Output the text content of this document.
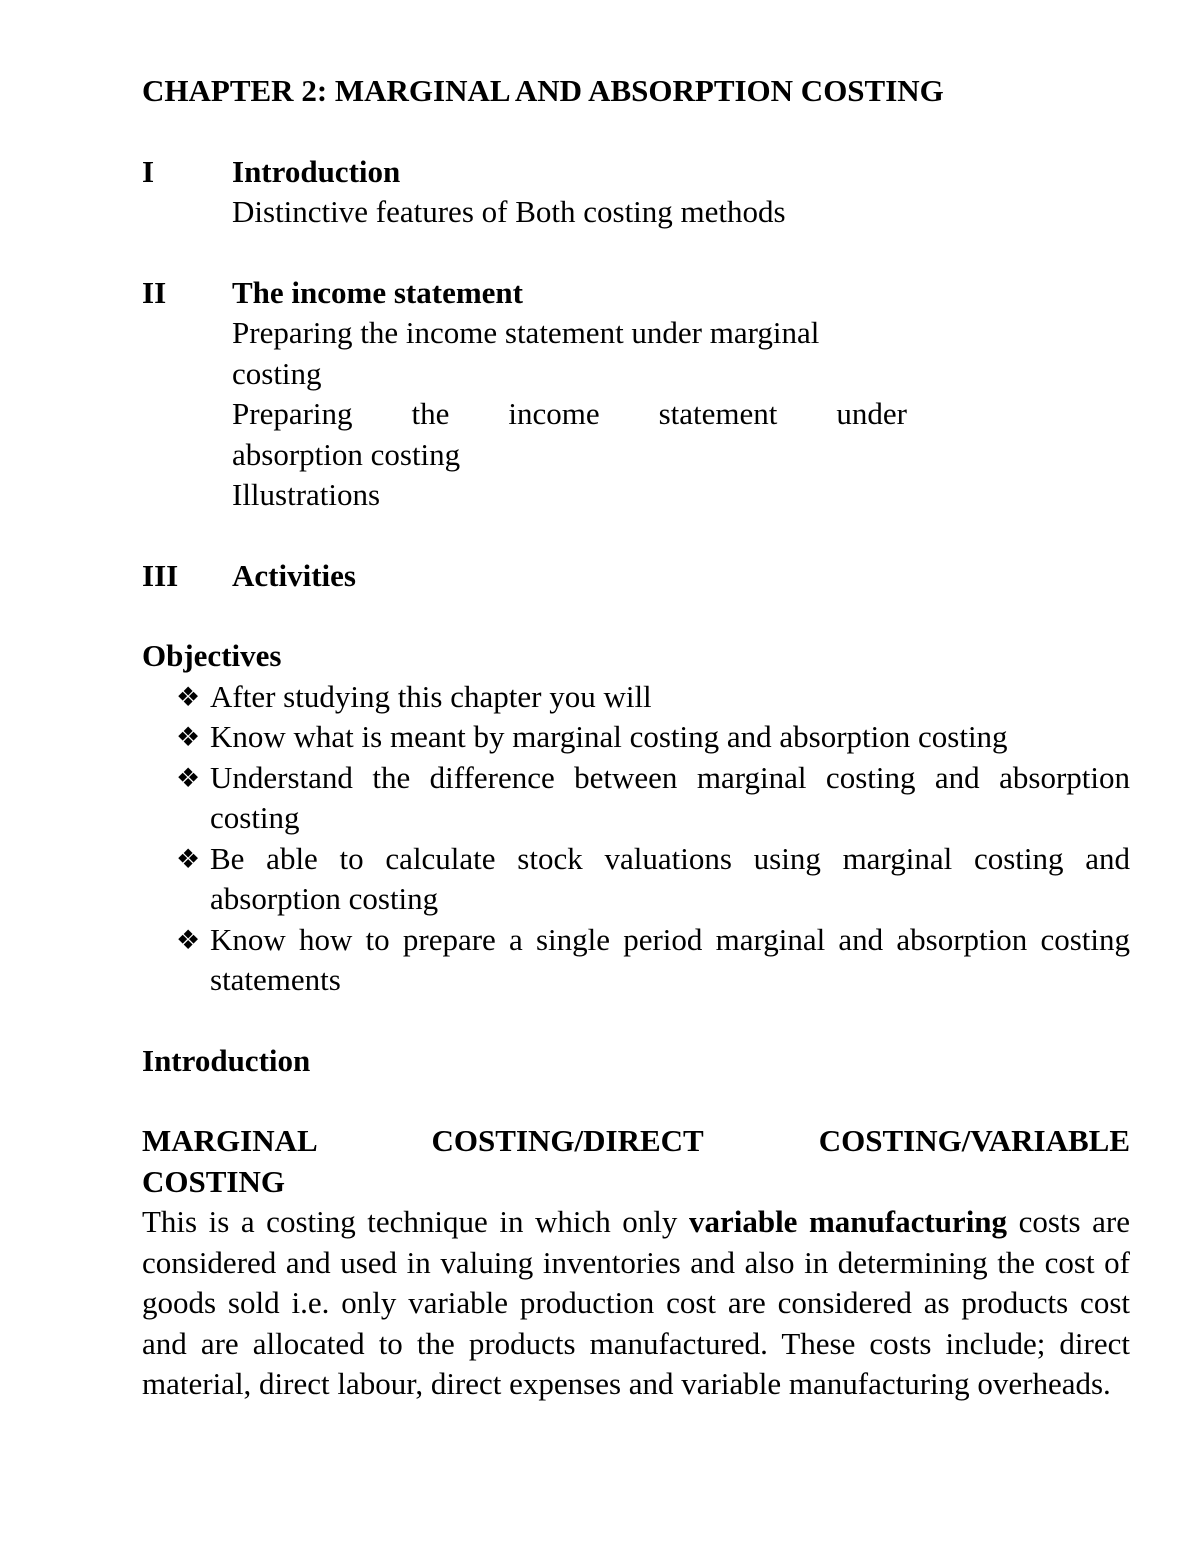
CHAPTER 2: MARGINAL AND ABSORPTION COSTING
I	Introduction
Distinctive features of Both costing methods
II	The income statement
Preparing the income statement under marginal
costing
Preparing the income statement under
absorption costing
Illustrations
III	Activities
Objectives
❖ After studying this chapter you will
❖ Know what is meant by marginal costing and absorption costing
❖ Understand the difference between marginal costing and absorption costing
❖ Be able to calculate stock valuations using marginal costing and absorption costing
❖ Know how to prepare a single period marginal and absorption costing statements
Introduction
MARGINAL COSTING/DIRECT COSTING/VARIABLE
COSTING
This is a costing technique in which only variable manufacturing costs are considered and used in valuing inventories and also in determining the cost of goods sold i.e. only variable production cost are considered as products cost and are allocated to the products manufactured. These costs include; direct material, direct labour, direct expenses and variable manufacturing overheads.
